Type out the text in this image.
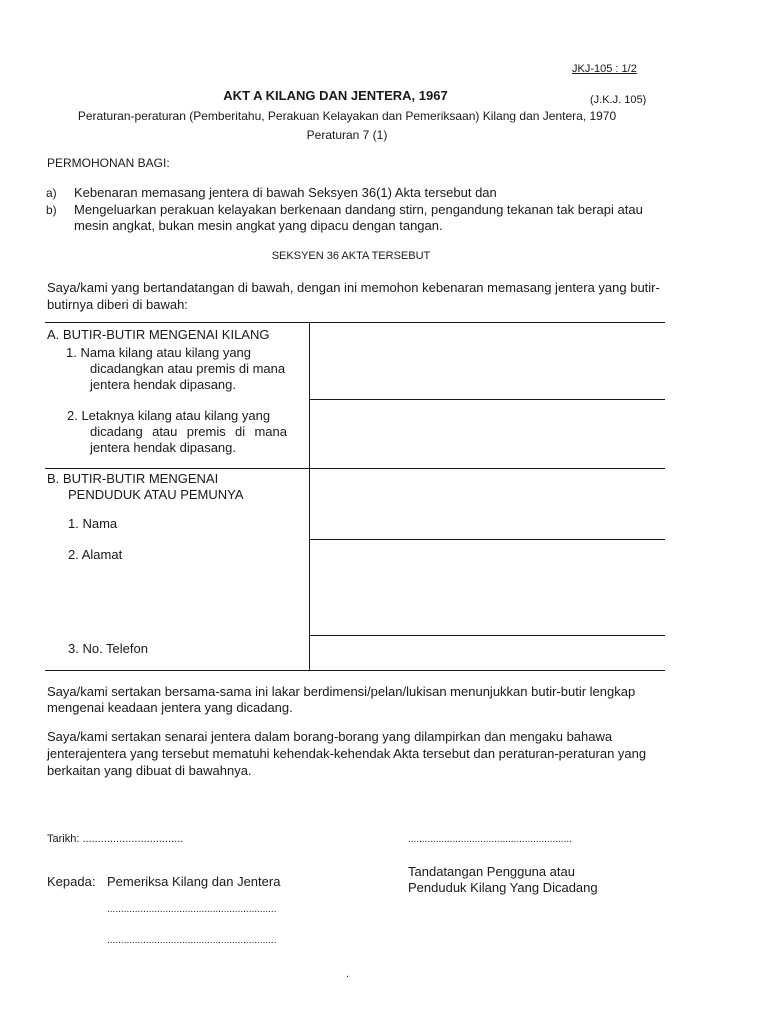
JKJ-105 : 1/2
AKT A KILANG DAN JENTERA, 1967	(J.K.J. 105)
Peraturan-peraturan (Pemberitahu, Perakuan Kelayakan dan Pemeriksaan) Kilang dan Jentera, 1970
Peraturan 7 (1)
PERMOHONAN BAGI:
a) Kebenaran memasang jentera di bawah Seksyen 36(1) Akta tersebut dan
b) Mengeluarkan perakuan kelayakan berkenaan dandang stirn, pengandung tekanan tak berapi atau
mesin angkat, bukan mesin angkat yang dipacu dengan tangan.
SEKSYEN 36 AKTA TERSEBUT
Saya/kami yang bertandatangan di bawah, dengan ini memohon kebenaran memasang jentera yang butir-
butirnya diberi di bawah:
A. BUTIR-BUTIR MENGENAI KILANG
1. Nama kilang atau kilang yang
dicadangkan atau premis di mana
jentera hendak dipasang.
2. Letaknya kilang atau kilang yang
dicadang atau premis di mana
jentera hendak dipasang.
B. BUTIR-BUTIR MENGENAI
PENDUDUK ATAU PEMUNYA
1. Nama
2. Alamat
3. No. Telefon
Saya/kami sertakan bersama-sama ini lakar berdimensi/pelan/lukisan menunjukkan butir-butir lengkap
mengenai keadaan jentera yang dicadang.
Saya/kami sertakan senarai jentera dalam borang-borang yang dilampirkan dan mengaku bahawa
jenterajentera yang tersebut mematuhi kehendak-kehendak Akta tersebut dan peraturan-peraturan yang
berkaitan yang dibuat di bawahnya.
Tarikh: .................................	...........................................................
Tandatangan Pengguna atau
Penduduk Kilang Yang Dicadang
Kepada: Pemeriksa Kilang dan Jentera
.............................................................
.............................................................
.
